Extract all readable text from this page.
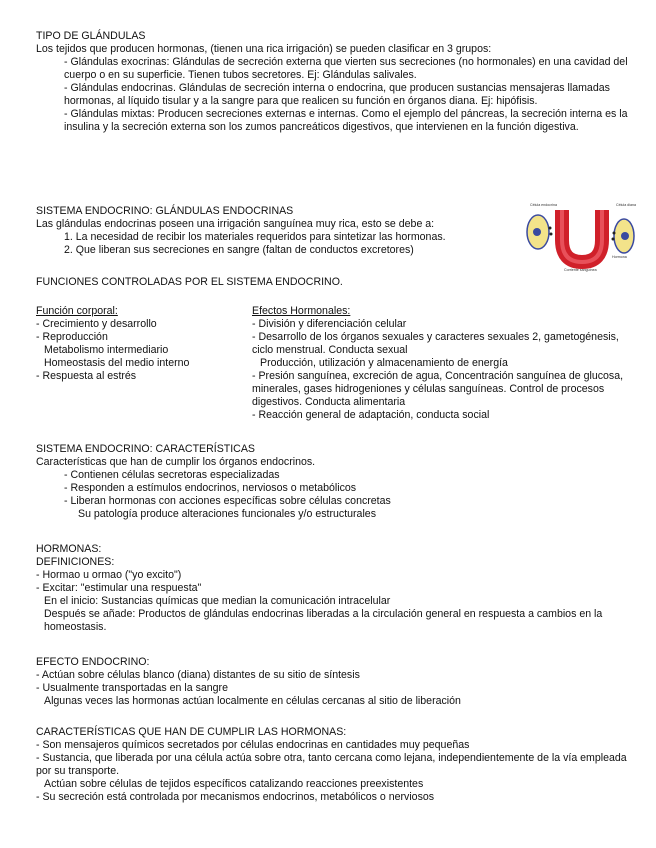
TIPO DE GLÁNDULAS

Los tejidos que producen hormonas, (tienen una rica irrigación) se pueden clasificar en 3 grupos:

- Glándulas exocrinas: Glándulas de secreción externa que vierten sus secreciones (no hormonales) en una cavidad del cuerpo o en su superficie. Tienen tubos secretores. Ej: Glándulas salivales.

- Glándulas endocrinas. Glándulas de secreción interna o endocrina, que producen sustancias mensajeras llamadas hormonas, al líquido tisular y a la sangre para que realicen su función en órganos diana. Ej: hipófisis.

- Glándulas mixtas: Producen secreciones externas e internas. Como el ejemplo del páncreas, la secreción interna es la insulina y la secreción externa son los zumos pancreáticos digestivos, que intervienen en la función digestiva.

SISTEMA ENDOCRINO: GLÁNDULAS ENDOCRINAS

Las glándulas endocrinas poseen una irrigación sanguínea muy rica, esto se debe a:

1. La necesidad de recibir los materiales requeridos para sintetizar las hormonas.

2. Que liberan sus secreciones en sangre (faltan de conductos excretores)

Célula endocrina	Célula diana
Corriente sanguínea
Hormona

FUNCIONES CONTROLADAS POR EL SISTEMA ENDOCRINO.

Función corporal:

- Crecimiento y desarrollo

- Reproducción

Metabolismo intermediario

Homeostasis del medio interno

- Respuesta al estrés

Efectos Hormonales:

- División y diferenciación celular

- Desarrollo de los órganos sexuales y caracteres sexuales 2, gametogénesis, ciclo menstrual. Conducta sexual

Producción, utilización y almacenamiento de energía

- Presión sanguínea, excreción de agua, Concentración sanguínea de glucosa, minerales, gases hidrogeniones y células sanguíneas. Control de procesos digestivos. Conducta alimentaria

- Reacción general de adaptación, conducta social

SISTEMA ENDOCRINO: CARACTERÍSTICAS

Características que han de cumplir los órganos endocrinos.

- Contienen células secretoras especializadas

- Responden a estímulos endocrinos, nerviosos o metabólicos

- Liberan hormonas con acciones específicas sobre células concretas

Su patología produce alteraciones funcionales y/o estructurales

HORMONAS:

DEFINICIONES:

- Hormao u ormao ("yo excito")

- Excitar: "estimular una respuesta"

En el inicio: Sustancias químicas que median la comunicación intracelular

Después se añade: Productos de glándulas endocrinas liberadas a la circulación general en respuesta a cambios en la homeostasis.

EFECTO ENDOCRINO:

- Actúan sobre células blanco (diana) distantes de su sitio de síntesis

- Usualmente transportadas en la sangre

Algunas veces las hormonas actúan localmente en células cercanas al sitio de liberación

CARACTERÍSTICAS QUE HAN DE CUMPLIR LAS HORMONAS:

- Son mensajeros químicos secretados por células endocrinas en cantidades muy pequeñas

- Sustancia, que liberada por una célula actúa sobre otra, tanto cercana como lejana, independientemente de la vía empleada por su transporte.

Actúan sobre células de tejidos específicos catalizando reacciones preexistentes

- Su secreción está controlada por mecanismos endocrinos, metabólicos o nerviosos
